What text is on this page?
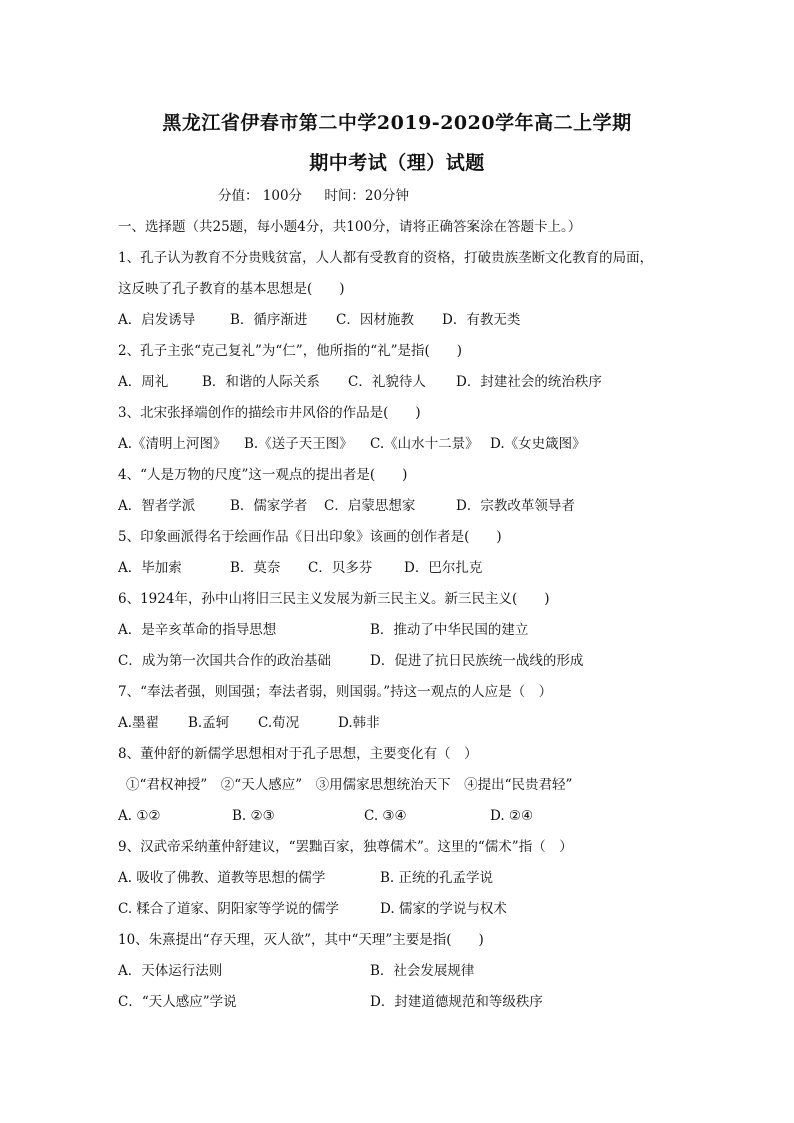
黑龙江省伊春市第二中学2019-2020学年高二上学期
期中考试（理）试题
分值： 100分 时间：20分钟
一、选择题（共25题，每小题4分，共100分，请将正确答案涂在答题卡上。）
1、孔子认为教育不分贵贱贫富，人人都有受教育的资格，打破贵族垄断文化教育的局面，
这反映了孔子教育的基本思想是(　　)
A．启发诱导	B．循序渐进 C．因材施教 D．有教无类
2、孔子主张“克己复礼”为“仁”，他所指的“礼”是指(　　)
A．周礼	B．和谐的人际关系 C．礼貌待人 D．封建社会的统治秩序
3、北宋张择端创作的描绘市井风俗的作品是(　　)
A.《清明上河图》 B.《送子天王图》 C.《山水十二景》 D.《女史箴图》
4、“人是万物的尺度”这一观点的提出者是(　　)
A．智者学派	B．儒家学者 C．启蒙思想家	D．宗教改革领导者
5、印象画派得名于绘画作品《日出印象》该画的创作者是(　　)
A．毕加索	B．莫奈 C．贝多芬 D．巴尔扎克
6、1924年，孙中山将旧三民主义发展为新三民主义。新三民主义(　　)
A．是辛亥革命的指导思想	B．推动了中华民国的建立
C．成为第一次国共合作的政治基础	D．促进了抗日民族统一战线的形成
7、“奉法者强，则国强；奉法者弱，则国弱。”持这一观点的人应是（　）
A.墨翟 B.孟轲 C.荀况	D.韩非
8、董仲舒的新儒学思想相对于孔子思想，主要变化有（　）
①“君权神授”　②“天人感应”　③用儒家思想统治天下　④提出“民贵君轻”
A. ①②	B. ②③	C. ③④	D. ②④
9、汉武帝采纳董仲舒建议，“罢黜百家，独尊儒术”。这里的“儒术”指（　）
A. 吸收了佛教、道教等思想的儒学	B. 正统的孔孟学说
C. 糅合了道家、阴阳家等学说的儒学	D. 儒家的学说与权术
10、朱熹提出“存天理，灭人欲”，其中“天理”主要是指(　　)
A．天体运行法则	B．社会发展规律
C．“天人感应”学说	D．封建道德规范和等级秩序
